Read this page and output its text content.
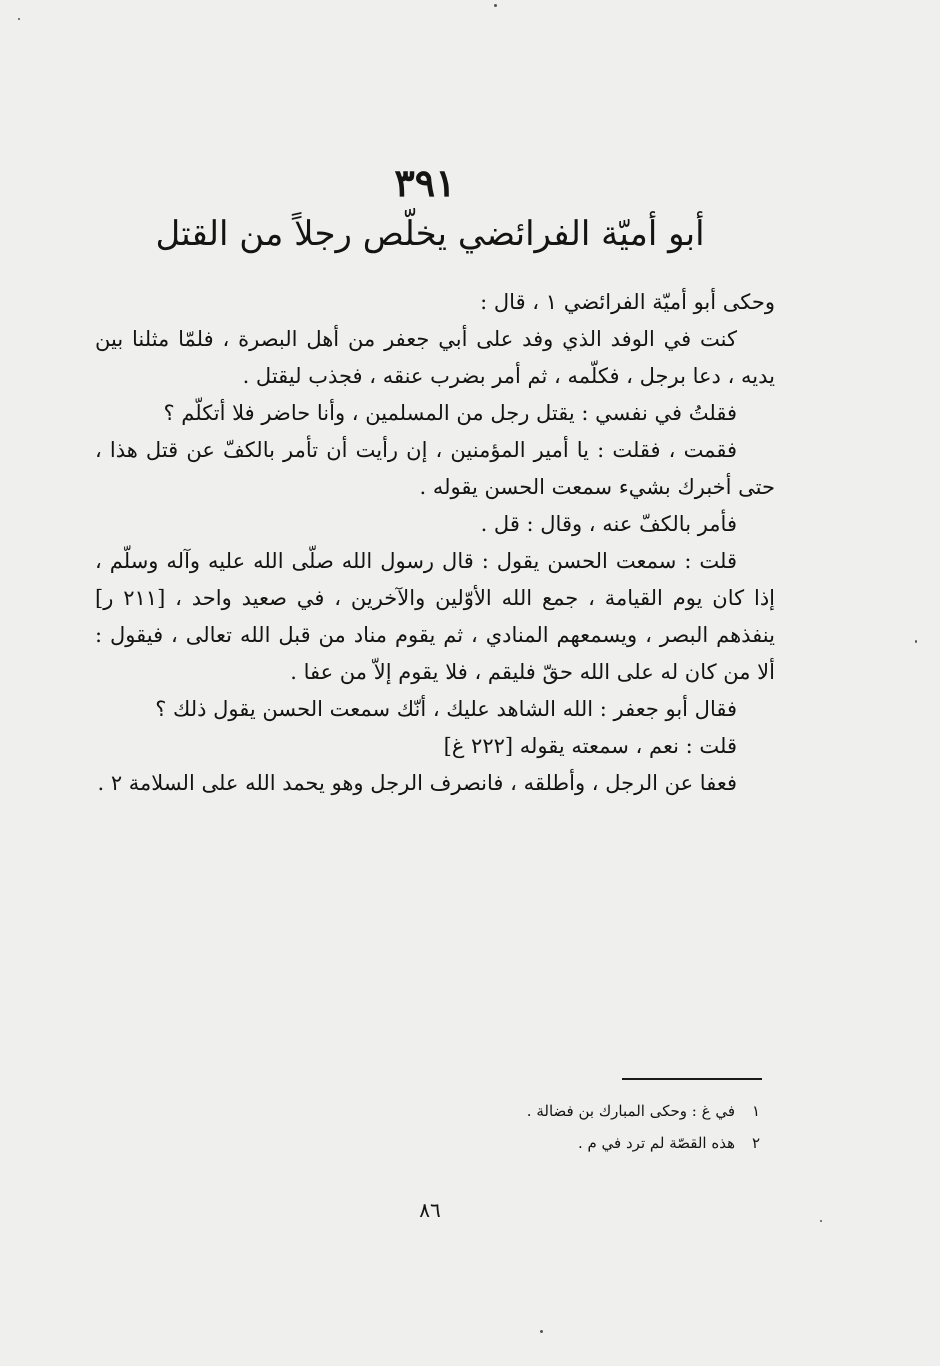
٣٩١
أبو أميّة الفرائضي يخلّص رجلاً من القتل

وحكى أبو أميّة الفرائضي ١ ، قال :

كنت في الوفد الذي وفد على أبي جعفر من أهل البصرة ، فلمّا مثلنا بين يديه ، دعا برجل ، فكلّمه ، ثم أمر بضرب عنقه ، فجذب ليقتل .

فقلتُ في نفسي : يقتل رجل من المسلمين ، وأنا حاضر فلا أتكلّم ؟

فقمت ، فقلت : يا أمير المؤمنين ، إن رأيت أن تأمر بالكفّ عن قتل هذا ، حتى أخبرك بشيء سمعت الحسن يقوله .

فأمر بالكفّ عنه ، وقال : قل .

قلت : سمعت الحسن يقول : قال رسول الله صلّى الله عليه وآله وسلّم ، إذا كان يوم القيامة ، جمع الله الأوّلين والآخرين ، في صعيد واحد ، [٢١١ ر] ينفذهم البصر ، ويسمعهم المنادي ، ثم يقوم مناد من قبل الله تعالى ، فيقول : ألا من كان له على الله حقّ فليقم ، فلا يقوم إلاّ من عفا .

فقال أبو جعفر : الله الشاهد عليك ، أنّك سمعت الحسن يقول ذلك ؟

قلت : نعم ، سمعته يقوله [٢٢٢ غ]

فعفا عن الرجل ، وأطلقه ، فانصرف الرجل وهو يحمد الله على السلامة ٢ .

١
في غ : وحكى المبارك بن فضالة .
٢
هذه القصّة لم ترد في م .
٨٦
